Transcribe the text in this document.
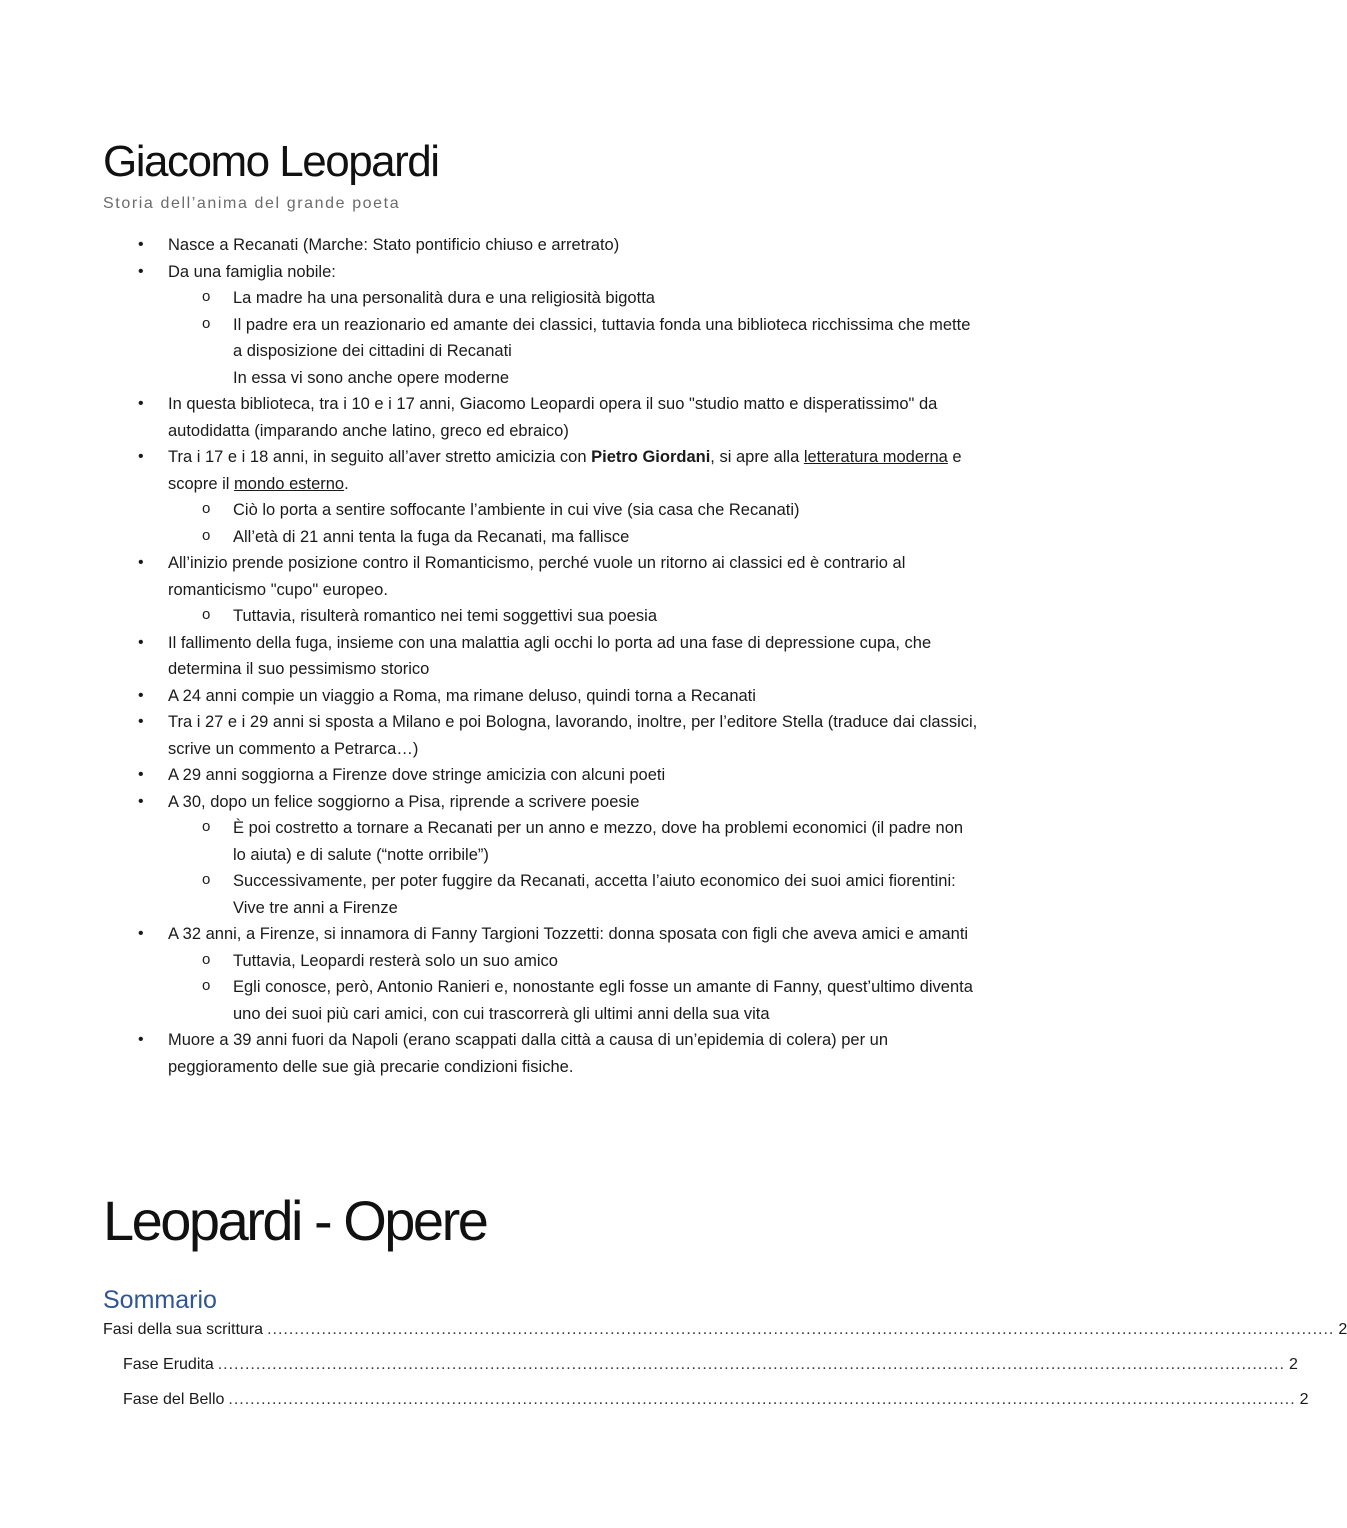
Giacomo Leopardi

Storia dell’anima del grande poeta

• Nasce a Recanati (Marche: Stato pontificio chiuso e arretrato)
• Da una famiglia nobile:
o La madre ha una personalità dura e una religiosità bigotta
o Il padre era un reazionario ed amante dei classici, tuttavia fonda una biblioteca ricchissima che mette a disposizione dei cittadini di Recanati
In essa vi sono anche opere moderne
• In questa biblioteca, tra i 10 e i 17 anni, Giacomo Leopardi opera il suo "studio matto e disperatissimo" da autodidatta (imparando anche latino, greco ed ebraico)
• Tra i 17 e i 18 anni, in seguito all’aver stretto amicizia con Pietro Giordani, si apre alla letteratura moderna e scopre il mondo esterno.
o Ciò lo porta a sentire soffocante l’ambiente in cui vive (sia casa che Recanati)
o All’età di 21 anni tenta la fuga da Recanati, ma fallisce
• All’inizio prende posizione contro il Romanticismo, perché vuole un ritorno ai classici ed è contrario al romanticismo "cupo" europeo.
o Tuttavia, risulterà romantico nei temi soggettivi sua poesia
• Il fallimento della fuga, insieme con una malattia agli occhi lo porta ad una fase di depressione cupa, che determina il suo pessimismo storico
• A 24 anni compie un viaggio a Roma, ma rimane deluso, quindi torna a Recanati
• Tra i 27 e i 29 anni si sposta a Milano e poi Bologna, lavorando, inoltre, per l’editore Stella (traduce dai classici, scrive un commento a Petrarca…)
• A 29 anni soggiorna a Firenze dove stringe amicizia con alcuni poeti
• A 30, dopo un felice soggiorno a Pisa, riprende a scrivere poesie
o È poi costretto a tornare a Recanati per un anno e mezzo, dove ha problemi economici (il padre non lo aiuta) e di salute (“notte orribile”)
o Successivamente, per poter fuggire da Recanati, accetta l’aiuto economico dei suoi amici fiorentini:
Vive tre anni a Firenze
• A 32 anni, a Firenze, si innamora di Fanny Targioni Tozzetti: donna sposata con figli che aveva amici e amanti
o Tuttavia, Leopardi resterà solo un suo amico
o Egli conosce, però, Antonio Ranieri e, nonostante egli fosse un amante di Fanny, quest’ultimo diventa uno dei suoi più cari amici, con cui trascorrerà gli ultimi anni della sua vita
• Muore a 39 anni fuori da Napoli (erano scappati dalla città a causa di un’epidemia di colera) per un peggioramento delle sue già precarie condizioni fisiche.
Leopardi - Opere
Sommario
Fasi della sua scrittura .................................................................................................................................................................................................... 2
Fase Erudita .................................................................................................................................................................................................... 2
Fase del Bello .................................................................................................................................................................................................... 2
